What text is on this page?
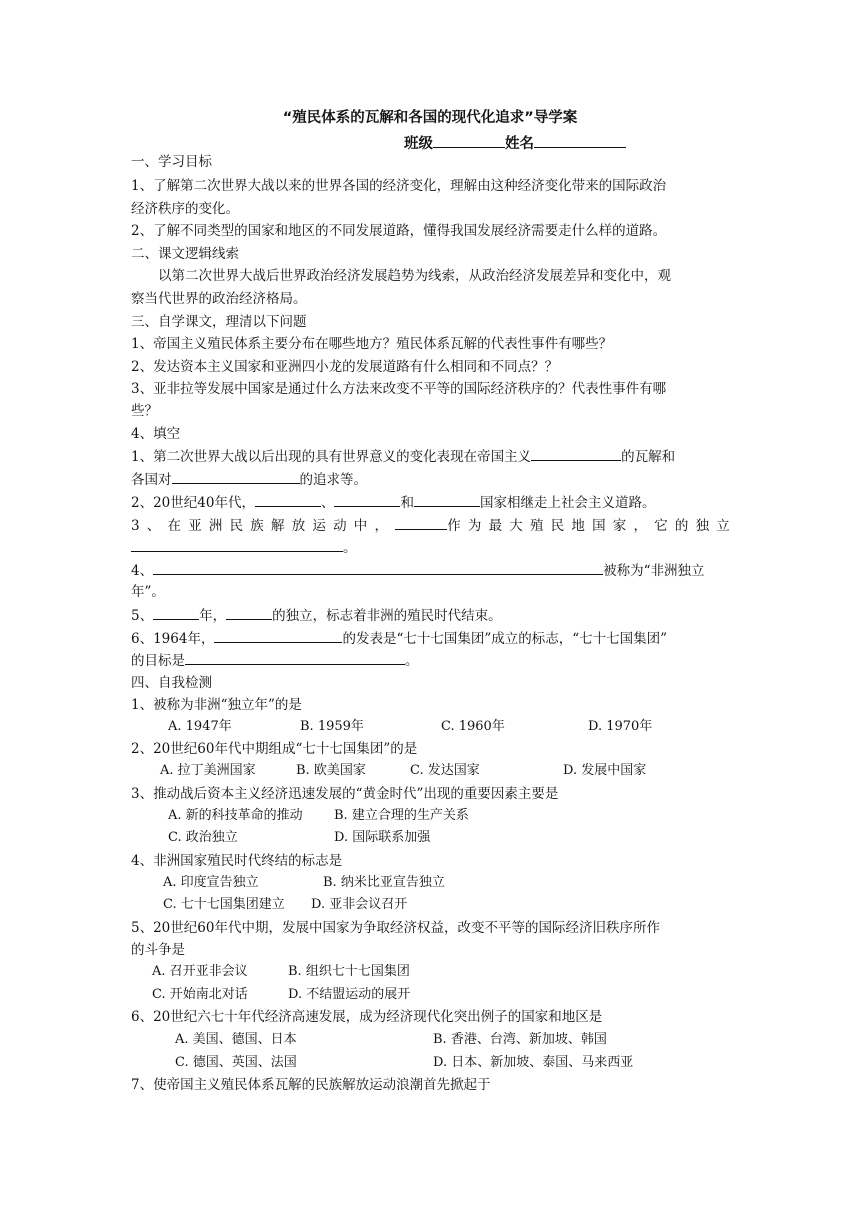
“殖民体系的瓦解和各国的现代化追求”导学案
班级	姓名
一、学习目标
1、了解第二次世界大战以来的世界各国的经济变化，理解由这种经济变化带来的国际政治
经济秩序的变化。
2、了解不同类型的国家和地区的不同发展道路，懂得我国发展经济需要走什么样的道路。
二、课文逻辑线索
以第二次世界大战后世界政治经济发展趋势为线索，从政治经济发展差异和变化中，观
察当代世界的政治经济格局。
三、自学课文，理清以下问题
1、帝国主义殖民体系主要分布在哪些地方？殖民体系瓦解的代表性事件有哪些？
2、发达资本主义国家和亚洲四小龙的发展道路有什么相同和不同点？？
3、亚非拉等发展中国家是通过什么方法来改变不平等的国际经济秩序的？代表性事件有哪
些？
4、填空
1、第二次世界大战以后出现的具有世界意义的变化表现在帝国主义	的瓦解和
各国对	的追求等。
2、20世纪40年代，	、	和	国家相继走上社会主义道路。
3、在亚洲民族解放运动中，	作为最大殖民地国家，它的独立
。
4、	被称为“非洲独立
年”。
5、	年，	的独立，标志着非洲的殖民时代结束。
6、1964年，	的发表是“七十七国集团”成立的标志，“七十七国集团”
的目标是	。
四、自我检测
1、被称为非洲“独立年”的是
A. 1947年	B. 1959年	C. 1960年	D. 1970年
2、20世纪60年代中期组成“七十七国集团”的是
A. 拉丁美洲国家	B. 欧美国家	C. 发达国家	D. 发展中国家
3、推动战后资本主义经济迅速发展的“黄金时代”出现的重要因素主要是
A. 新的科技革命的推动 B. 建立合理的生产关系
C. 政治独立	D. 国际联系加强
4、非洲国家殖民时代终结的标志是
A. 印度宣告独立	B. 纳米比亚宣告独立
C. 七十七国集团建立 D. 亚非会议召开
5、20世纪60年代中期，发展中国家为争取经济权益，改变不平等的国际经济旧秩序所作
的斗争是
A. 召开亚非会议	B. 组织七十七国集团
C. 开始南北对话	D. 不结盟运动的展开
6、20世纪六七十年代经济高速发展，成为经济现代化突出例子的国家和地区是
A. 美国、德国、日本	B. 香港、台湾、新加坡、韩国
C. 德国、英国、法国	D. 日本、新加坡、泰国、马来西亚
7、使帝国主义殖民体系瓦解的民族解放运动浪潮首先掀起于
